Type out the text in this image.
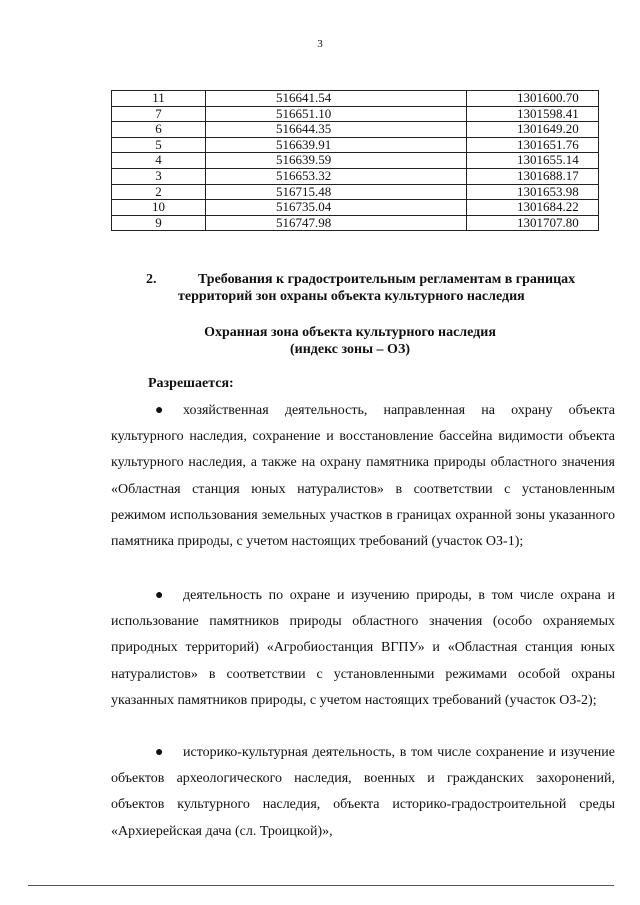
3
11	516641.54	1301600.70
7	516651.10	1301598.41
6	516644.35	1301649.20
5	516639.91	1301651.76
4	516639.59	1301655.14
3	516653.32	1301688.17
2	516715.48	1301653.98
10	516735.04	1301684.22
9	516747.98	1301707.80
2.	Требования к градостроительным регламентам в границах
территорий зон охраны объекта культурного наследия
Охранная зона объекта культурного наследия
(индекс зоны – ОЗ)
Разрешается:
● хозяйственная деятельность, направленная на охрану объекта культурного наследия, сохранение и восстановление бассейна видимости объекта культурного наследия, а также на охрану памятника природы областного значения «Областная станция юных натуралистов» в соответствии с установленным режимом использования земельных участков в границах охранной зоны указанного памятника природы, с учетом настоящих требований (участок ОЗ-1);
● деятельность по охране и изучению природы, в том числе охрана и использование памятников природы областного значения (особо охраняемых природных территорий) «Агробиостанция ВГПУ» и «Областная станция юных натуралистов» в соответствии с установленными режимами особой охраны указанных памятников природы, с учетом настоящих требований (участок ОЗ-2);
● историко-культурная деятельность, в том числе сохранение и изучение объектов археологического наследия, военных и гражданских захоронений, объектов культурного наследия, объекта историко-градостроительной среды «Архиерейская дача (сл. Троицкой)»,
